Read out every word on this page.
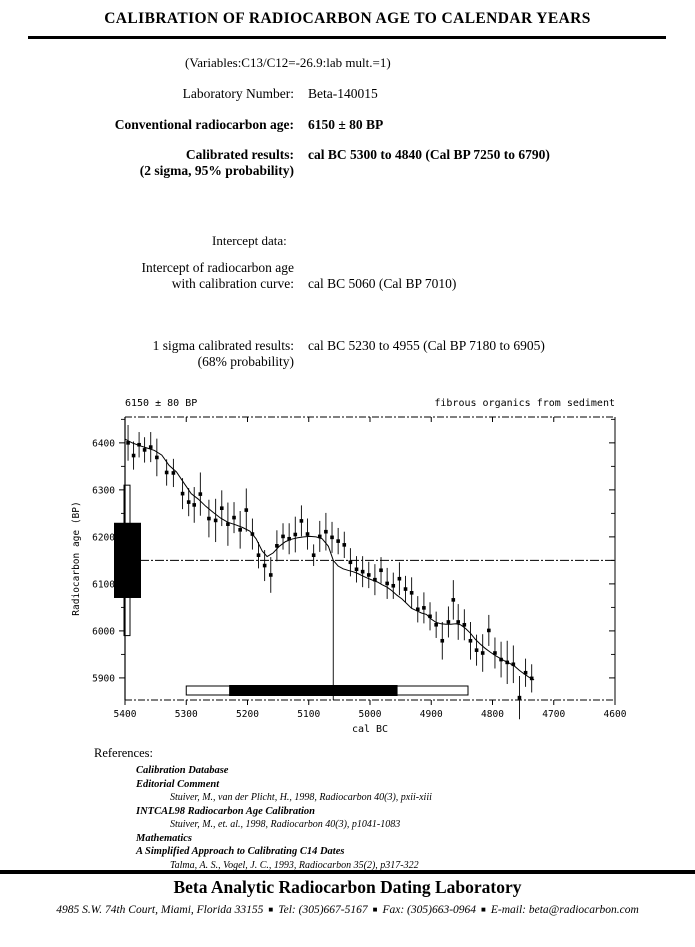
CALIBRATION OF RADIOCARBON AGE TO CALENDAR YEARS
(Variables:C13/C12=-26.9:lab mult.=1)
Laboratory Number: Beta-140015
Conventional radiocarbon age: 6150 ± 80 BP
Calibrated results:
(2 sigma, 95% probability)
cal BC 5300 to 4840 (Cal BP 7250 to 6790)
Intercept data:
Intercept of radiocarbon age
with calibration curve: cal BC 5060 (Cal BP 7010)
1 sigma calibrated results:
(68% probability)
cal BC 5230 to 4955 (Cal BP 7180 to 6905)
5400	5300	5200	5100	5000	4900	4800	4700	4600
cal BC
6400
6300
6200
6100
6000
5900
Radiocarbon age (BP)
6150 ± 80 BP	fibrous organics from sediment
References:
Calibration Database
Editorial Comment
Stuiver, M., van der Plicht, H., 1998, Radiocarbon 40(3), pxii-xiii
INTCAL98 Radiocarbon Age Calibration
Stuiver, M., et. al., 1998, Radiocarbon 40(3), p1041-1083
Mathematics
A Simplified Approach to Calibrating C14 Dates
Talma, A. S., Vogel, J. C., 1993, Radiocarbon 35(2), p317-322
Beta Analytic Radiocarbon Dating Laboratory
4985 S.W. 74th Court, Miami, Florida 33155 ■ Tel: (305)667-5167 ■ Fax: (305)663-0964 ■ E-mail: beta@radiocarbon.com
